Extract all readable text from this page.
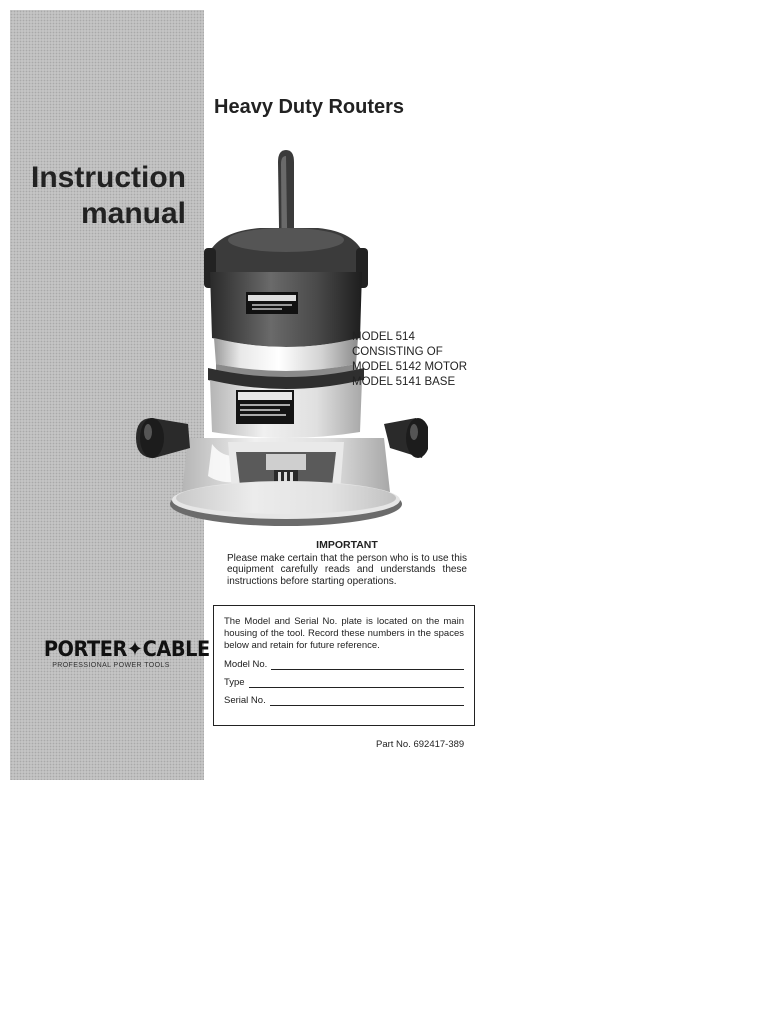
Instruction
manual
PORTER✦CABLE
PROFESSIONAL POWER TOOLS
Heavy Duty Routers
MODEL 514
CONSISTING OF
MODEL 5142 MOTOR
MODEL 5141 BASE
IMPORTANT
Please make certain that the person who is to use this equipment carefully reads and understands these instructions before starting operations.
The Model and Serial No. plate is located on the main housing of the tool. Record these numbers in the spaces below and retain for future reference.
Model No.
Type
Serial No.
Part No. 692417-389
